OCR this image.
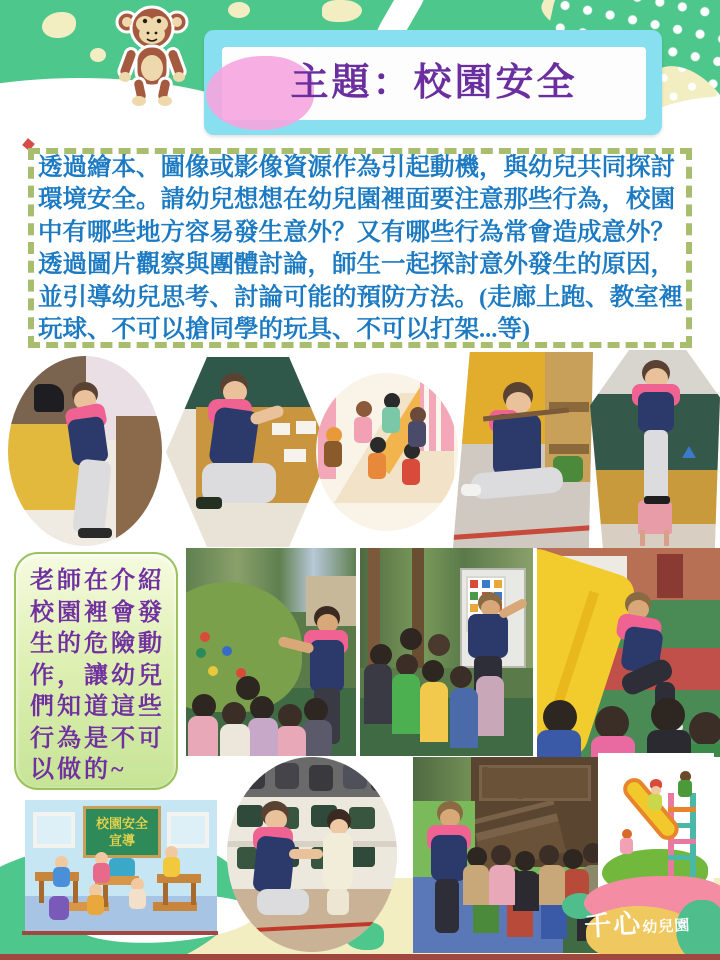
主題：校園安全
透過繪本、圖像或影像資源作為引起動機，與幼兒共同探討
環境安全。請幼兒想想在幼兒園裡面要注意那些行為，校園
中有哪些地方容易發生意外？又有哪些行為常會造成意外？
透過圖片觀察與團體討論，師生一起探討意外發生的原因，
並引導幼兒思考、討論可能的預防方法。(走廊上跑、教室裡
玩球、不可以搶同學的玩具、不可以打架...等)
老師在介紹
校園裡會發
生的危險動
作，讓幼兒
們知道這些
行為是不可
以做的~
校園安全
宣導
千心幼兒園
